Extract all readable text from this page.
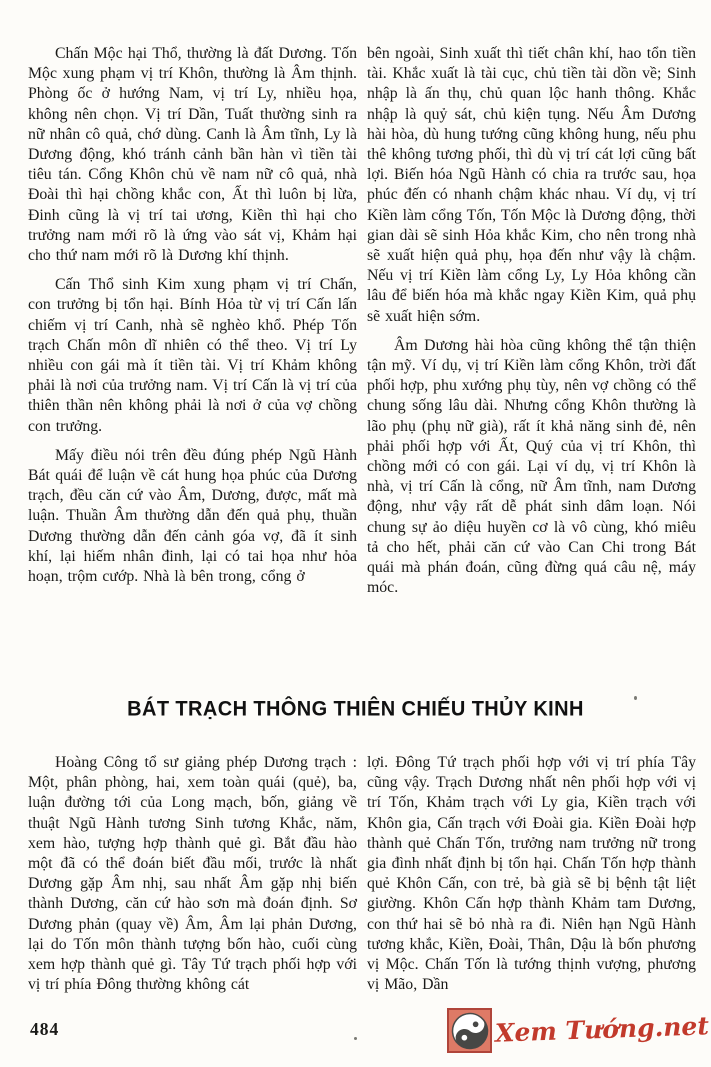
Chấn Mộc hại Thổ, thường là đất Dương. Tốn Mộc xung phạm vị trí Khôn, thường là Âm thịnh. Phòng ốc ở hướng Nam, vị trí Ly, nhiều họa, không nên chọn. Vị trí Dần, Tuất thường sinh ra nữ nhân cô quả, chớ dùng. Canh là Âm tĩnh, Ly là Dương động, khó tránh cảnh bần hàn vì tiền tài tiêu tán. Cổng Khôn chủ về nam nữ cô quả, nhà Đoài thì hại chồng khắc con, Ất thì luôn bị lừa, Đinh cũng là vị trí tai ương, Kiền thì hại cho trưởng nam mới rõ là ứng vào sát vị, Khảm hại cho thứ nam mới rõ là Dương khí thịnh.

Cấn Thổ sinh Kim xung phạm vị trí Chấn, con trưởng bị tổn hại. Bính Hỏa từ vị trí Cấn lấn chiếm vị trí Canh, nhà sẽ nghèo khổ. Phép Tốn trạch Chấn môn dĩ nhiên có thể theo. Vị trí Ly nhiều con gái mà ít tiền tài. Vị trí Khảm không phải là nơi của trưởng nam. Vị trí Cấn là vị trí của thiên thần nên không phải là nơi ở của vợ chồng con trưởng.

Mấy điều nói trên đều đúng phép Ngũ Hành Bát quái để luận về cát hung họa phúc của Dương trạch, đều căn cứ vào Âm, Dương, được, mất mà luận. Thuần Âm thường dẫn đến quả phụ, thuần Dương thường dẫn đến cảnh góa vợ, đã ít sinh khí, lại hiếm nhân đinh, lại có tai họa như hỏa hoạn, trộm cướp. Nhà là bên trong, cổng ở

bên ngoài, Sinh xuất thì tiết chân khí, hao tổn tiền tài. Khắc xuất là tài cục, chủ tiền tài dồn về; Sinh nhập là ấn thụ, chủ quan lộc hanh thông. Khắc nhập là quỷ sát, chủ kiện tụng. Nếu Âm Dương hài hòa, dù hung tướng cũng không hung, nếu phu thê không tương phối, thì dù vị trí cát lợi cũng bất lợi. Biến hóa Ngũ Hành có chia ra trước sau, họa phúc đến có nhanh chậm khác nhau. Ví dụ, vị trí Kiền làm cổng Tốn, Tốn Mộc là Dương động, thời gian dài sẽ sinh Hỏa khắc Kim, cho nên trong nhà sẽ xuất hiện quả phụ, họa đến như vậy là chậm. Nếu vị trí Kiền làm cổng Ly, Ly Hỏa không cần lâu để biến hóa mà khắc ngay Kiền Kim, quả phụ sẽ xuất hiện sớm.

Âm Dương hài hòa cũng không thể tận thiện tận mỹ. Ví dụ, vị trí Kiền làm cổng Khôn, trời đất phối hợp, phu xướng phụ tùy, nên vợ chồng có thể chung sống lâu dài. Nhưng cổng Khôn thường là lão phụ (phụ nữ già), rất ít khả năng sinh đẻ, nên phải phối hợp với Ất, Quý của vị trí Khôn, thì chồng mới có con gái. Lại ví dụ, vị trí Khôn là nhà, vị trí Cấn là cổng, nữ Âm tĩnh, nam Dương động, như vậy rất dễ phát sinh dâm loạn. Nói chung sự ảo diệu huyền cơ là vô cùng, khó miêu tả cho hết, phải căn cứ vào Can Chi trong Bát quái mà phán đoán, cũng đừng quá câu nệ, máy móc.

BÁT TRẠCH THÔNG THIÊN CHIẾU THỦY KINH

Hoàng Công tổ sư giảng phép Dương trạch : Một, phân phòng, hai, xem toàn quái (quẻ), ba, luận đường tới của Long mạch, bốn, giảng về thuật Ngũ Hành tương Sinh tương Khắc, năm, xem hào, tượng hợp thành quẻ gì. Bắt đầu hào một đã có thể đoán biết đầu mối, trước là nhất Dương gặp Âm nhị, sau nhất Âm gặp nhị biến thành Dương, căn cứ hào sơn mà đoán định. Sơ Dương phản (quay về) Âm, Âm lại phản Dương, lại do Tốn môn thành tượng bốn hào, cuối cùng xem hợp thành quẻ gì. Tây Tứ trạch phối hợp với vị trí phía Đông thường không cát

lợi. Đông Tứ trạch phối hợp với vị trí phía Tây cũng vậy. Trạch Dương nhất nên phối hợp với vị trí Tốn, Khảm trạch với Ly gia, Kiền trạch với Khôn gia, Cấn trạch với Đoài gia. Kiền Đoài hợp thành quẻ Chấn Tốn, trưởng nam trưởng nữ trong gia đình nhất định bị tổn hại. Chấn Tốn hợp thành quẻ Khôn Cấn, con trẻ, bà già sẽ bị bệnh tật liệt giường. Khôn Cấn hợp thành Khảm tam Dương, con thứ hai sẽ bỏ nhà ra đi. Niên hạn Ngũ Hành tương khắc, Kiền, Đoài, Thân, Dậu là bốn phương vị Mộc. Chấn Tốn là tướng thịnh vượng, phương vị Mão, Dần

484	Xem Tướng.net
